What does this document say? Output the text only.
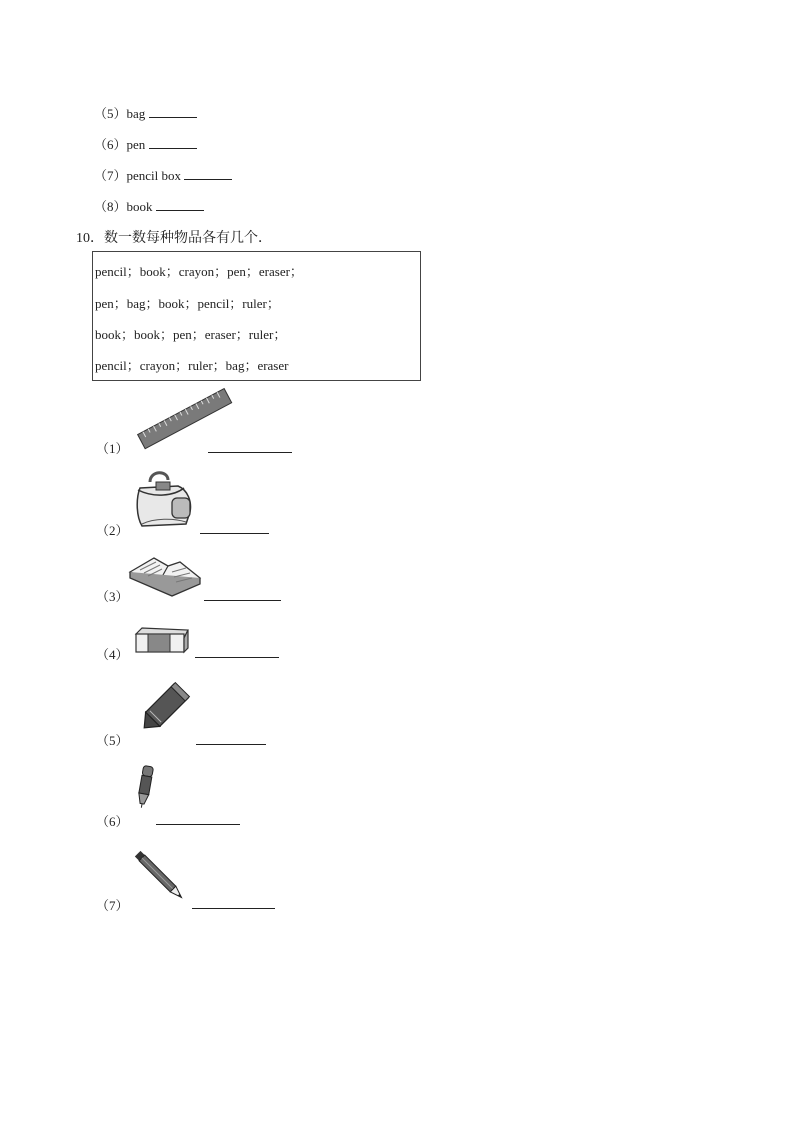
（5）bag
（6）pen
（7）pencil box
（8）book
10．数一数每种物品各有几个．
pencil；book；crayon；pen；eraser；
pen；bag；book；pencil；ruler；
book；book；pen；eraser；ruler；
pencil；crayon；ruler；bag；eraser
（1）
（2）
（3）
（4）
（5）
（6）
（7）
